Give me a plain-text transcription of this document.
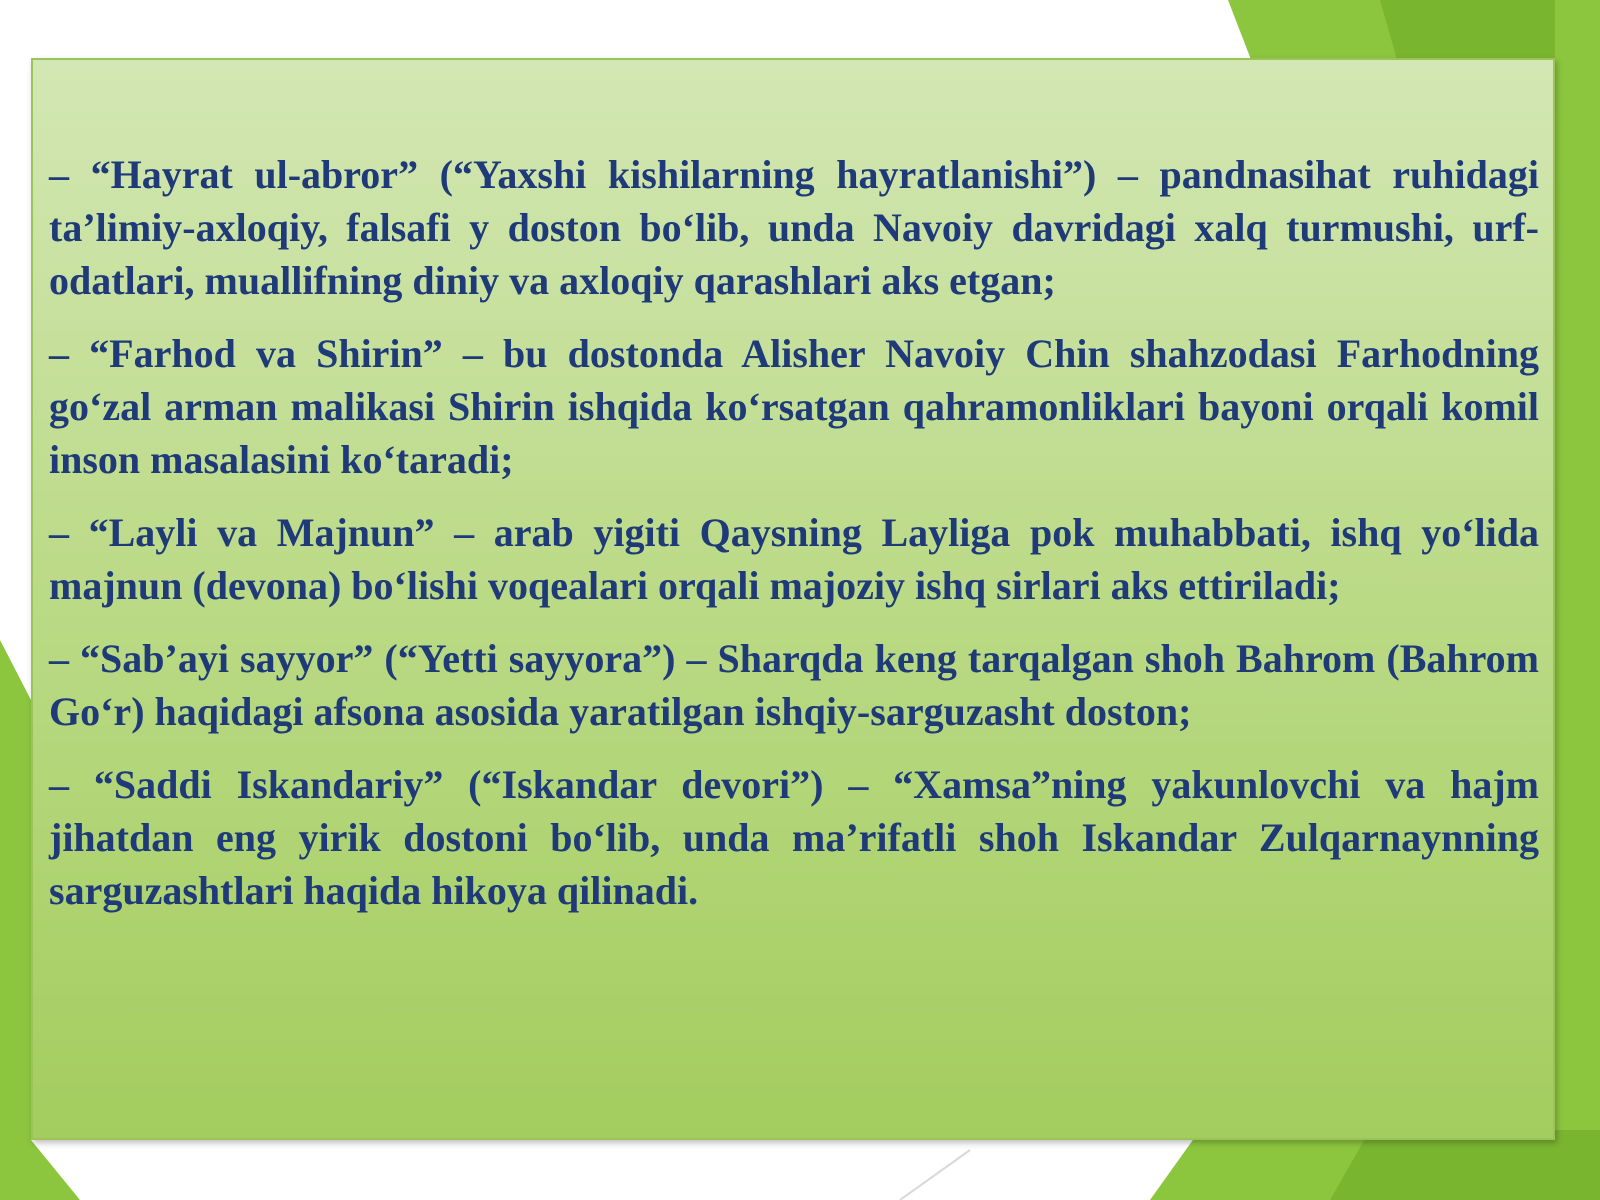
– “Hayrat ul-abror” (“Yaxshi kishilarning hayratlanishi”) – pandnasihat ruhidagi ta’limiy-axloqiy, falsafi y doston bo‘lib, unda Navoiy davridagi xalq turmushi, urf-odatlari, muallifning diniy va axloqiy qarashlari aks etgan;

– “Farhod va Shirin” – bu dostonda Alisher Navoiy Chin shahzodasi Farhodning go‘zal arman malikasi Shirin ishqida ko‘rsatgan qahramonliklari bayoni orqali komil inson masalasini ko‘taradi;

– “Layli va Majnun” – arab yigiti Qaysning Layliga pok muhabbati, ishq yo‘lida majnun (devona) bo‘lishi voqealari orqali majoziy ishq sirlari aks ettiriladi;

– “Sab’ayi sayyor” (“Yetti sayyora”) – Sharqda keng tarqalgan shoh Bahrom (Bahrom Go‘r) haqidagi afsona asosida yaratilgan ishqiy-sarguzasht doston;

– “Saddi Iskandariy” (“Iskandar devori”) – “Xamsa”ning yakunlovchi va hajm jihatdan eng yirik dostoni bo‘lib, unda ma’rifatli shoh Iskandar Zulqarnaynning sarguzashtlari haqida hikoya qilinadi.
